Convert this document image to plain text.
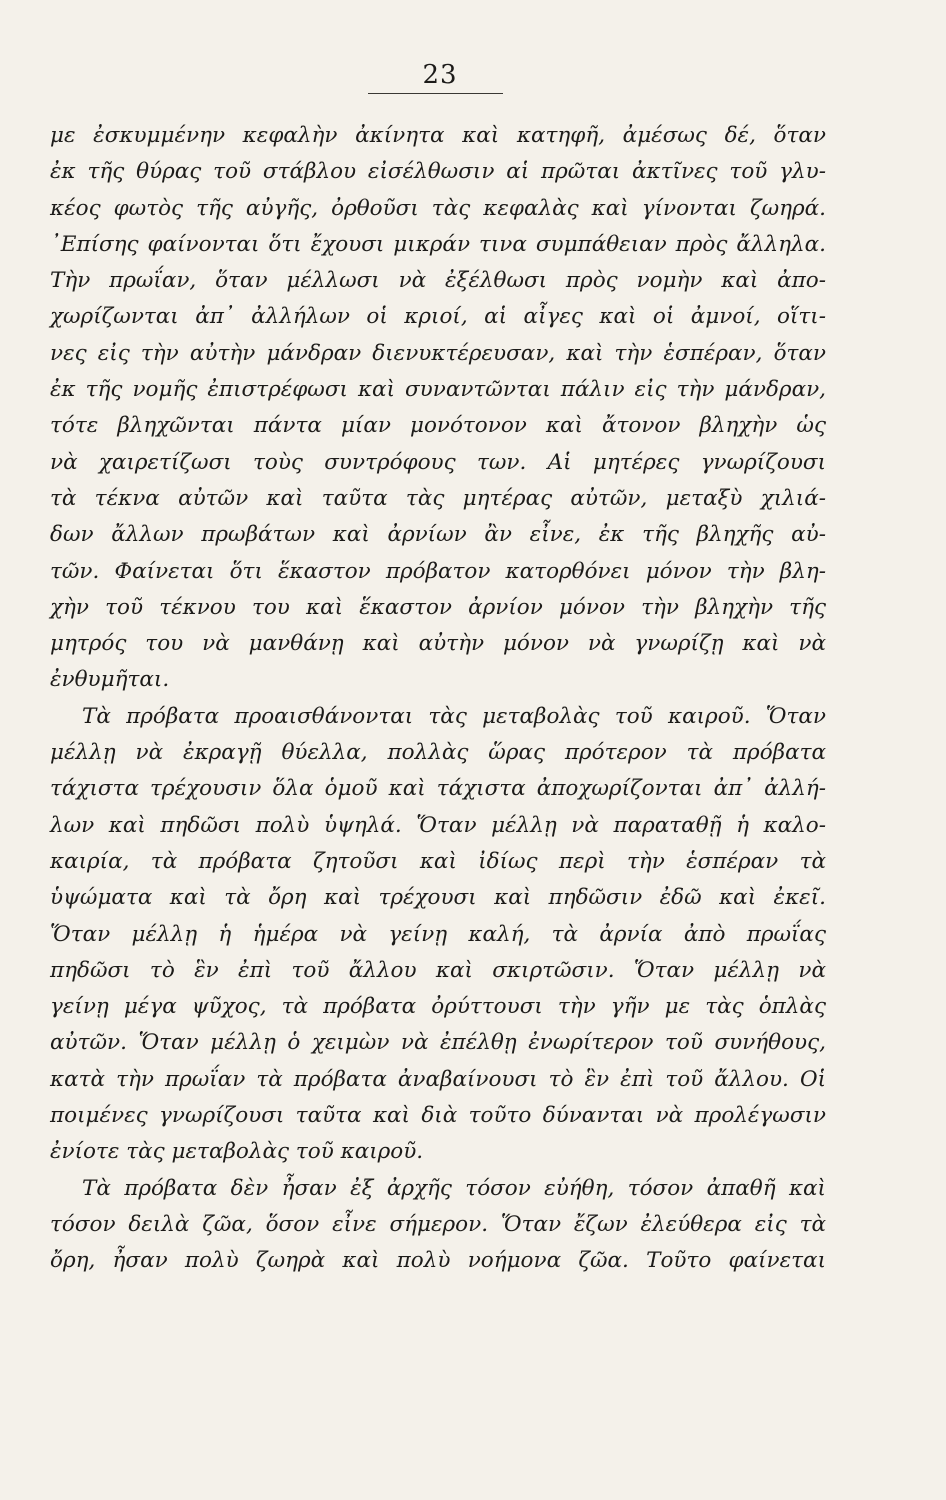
23
με ἐσκυμμένην κεφαλὴν ἀκίνητα καὶ κατηφῆ, ἀμέσως δέ, ὅταν
ἐκ τῆς θύρας τοῦ στάβλου εἰσέλθωσιν αἱ πρῶται ἀκτῖνες τοῦ γλυ-
κέος φωτὸς τῆς αὐγῆς, ὀρθοῦσι τὰς κεφαλὰς καὶ γίνονται ζωηρά.
᾿Επίσης φαίνονται ὅτι ἔχουσι μικράν τινα συμπάθειαν πρὸς ἄλληλα.
Τὴν πρωΐαν, ὅταν μέλλωσι νὰ ἐξέλθωσι πρὸς νομὴν καὶ ἀπο-
χωρίζωνται ἀπ᾿ ἀλλήλων οἱ κριοί, αἱ αἶγες καὶ οἱ ἀμνοί, οἵτι-
νες εἰς τὴν αὐτὴν μάνδραν διενυκτέρευσαν, καὶ τὴν ἑσπέραν, ὅταν
ἐκ τῆς νομῆς ἐπιστρέφωσι καὶ συναντῶνται πάλιν εἰς τὴν μάνδραν,
τότε βληχῶνται πάντα μίαν μονότονον καὶ ἄτονον βληχὴν ὡς
νὰ χαιρετίζωσι τοὺς συντρόφους των. Αἱ μητέρες γνωρίζουσι
τὰ τέκνα αὐτῶν καὶ ταῦτα τὰς μητέρας αὐτῶν, μεταξὺ χιλιά-
δων ἄλλων πρωβάτων καὶ ἀρνίων ἂν εἶνε, ἐκ τῆς βληχῆς αὐ-
τῶν. Φαίνεται ὅτι ἕκαστον πρόβατον κατορθόνει μόνον τὴν βλη-
χὴν τοῦ τέκνου του καὶ ἕκαστον ἀρνίον μόνον τὴν βληχὴν τῆς
μητρός του νὰ μανθάνῃ καὶ αὐτὴν μόνον νὰ γνωρίζῃ καὶ νὰ
ἐνθυμῆται.
Τὰ πρόβατα προαισθάνονται τὰς μεταβολὰς τοῦ καιροῦ. Ὅταν
μέλλῃ νὰ ἐκραγῇ θύελλα, πολλὰς ὥρας πρότερον τὰ πρόβατα
τάχιστα τρέχουσιν ὅλα ὁμοῦ καὶ τάχιστα ἀποχωρίζονται ἀπ᾿ ἀλλή-
λων καὶ πηδῶσι πολὺ ὑψηλά. Ὅταν μέλλῃ νὰ παραταθῇ ἡ καλο-
καιρία, τὰ πρόβατα ζητοῦσι καὶ ἰδίως περὶ τὴν ἑσπέραν τὰ
ὑψώματα καὶ τὰ ὄρη καὶ τρέχουσι καὶ πηδῶσιν ἐδῶ καὶ ἐκεῖ.
Ὅταν μέλλῃ ἡ ἡμέρα νὰ γείνῃ καλή, τὰ ἀρνία ἀπὸ πρωΐας
πηδῶσι τὸ ἓν ἐπὶ τοῦ ἄλλου καὶ σκιρτῶσιν. Ὅταν μέλλῃ νὰ
γείνῃ μέγα ψῦχος, τὰ πρόβατα ὀρύττουσι τὴν γῆν με τὰς ὁπλὰς
αὐτῶν. Ὅταν μέλλῃ ὁ χειμὼν νὰ ἐπέλθῃ ἐνωρίτερον τοῦ συνήθους,
κατὰ τὴν πρωΐαν τὰ πρόβατα ἀναβαίνουσι τὸ ἓν ἐπὶ τοῦ ἄλλου. Οἱ
ποιμένες γνωρίζουσι ταῦτα καὶ διὰ τοῦτο δύνανται νὰ προλέγωσιν
ἐνίοτε τὰς μεταβολὰς τοῦ καιροῦ.
Τὰ πρόβατα δὲν ἦσαν ἐξ ἀρχῆς τόσον εὐήθη, τόσον ἀπαθῆ καὶ
τόσον δειλὰ ζῶα, ὅσον εἶνε σήμερον. Ὅταν ἔζων ἐλεύθερα εἰς τὰ
ὄρη, ἦσαν πολὺ ζωηρὰ καὶ πολὺ νοήμονα ζῶα. Τοῦτο φαίνεται
